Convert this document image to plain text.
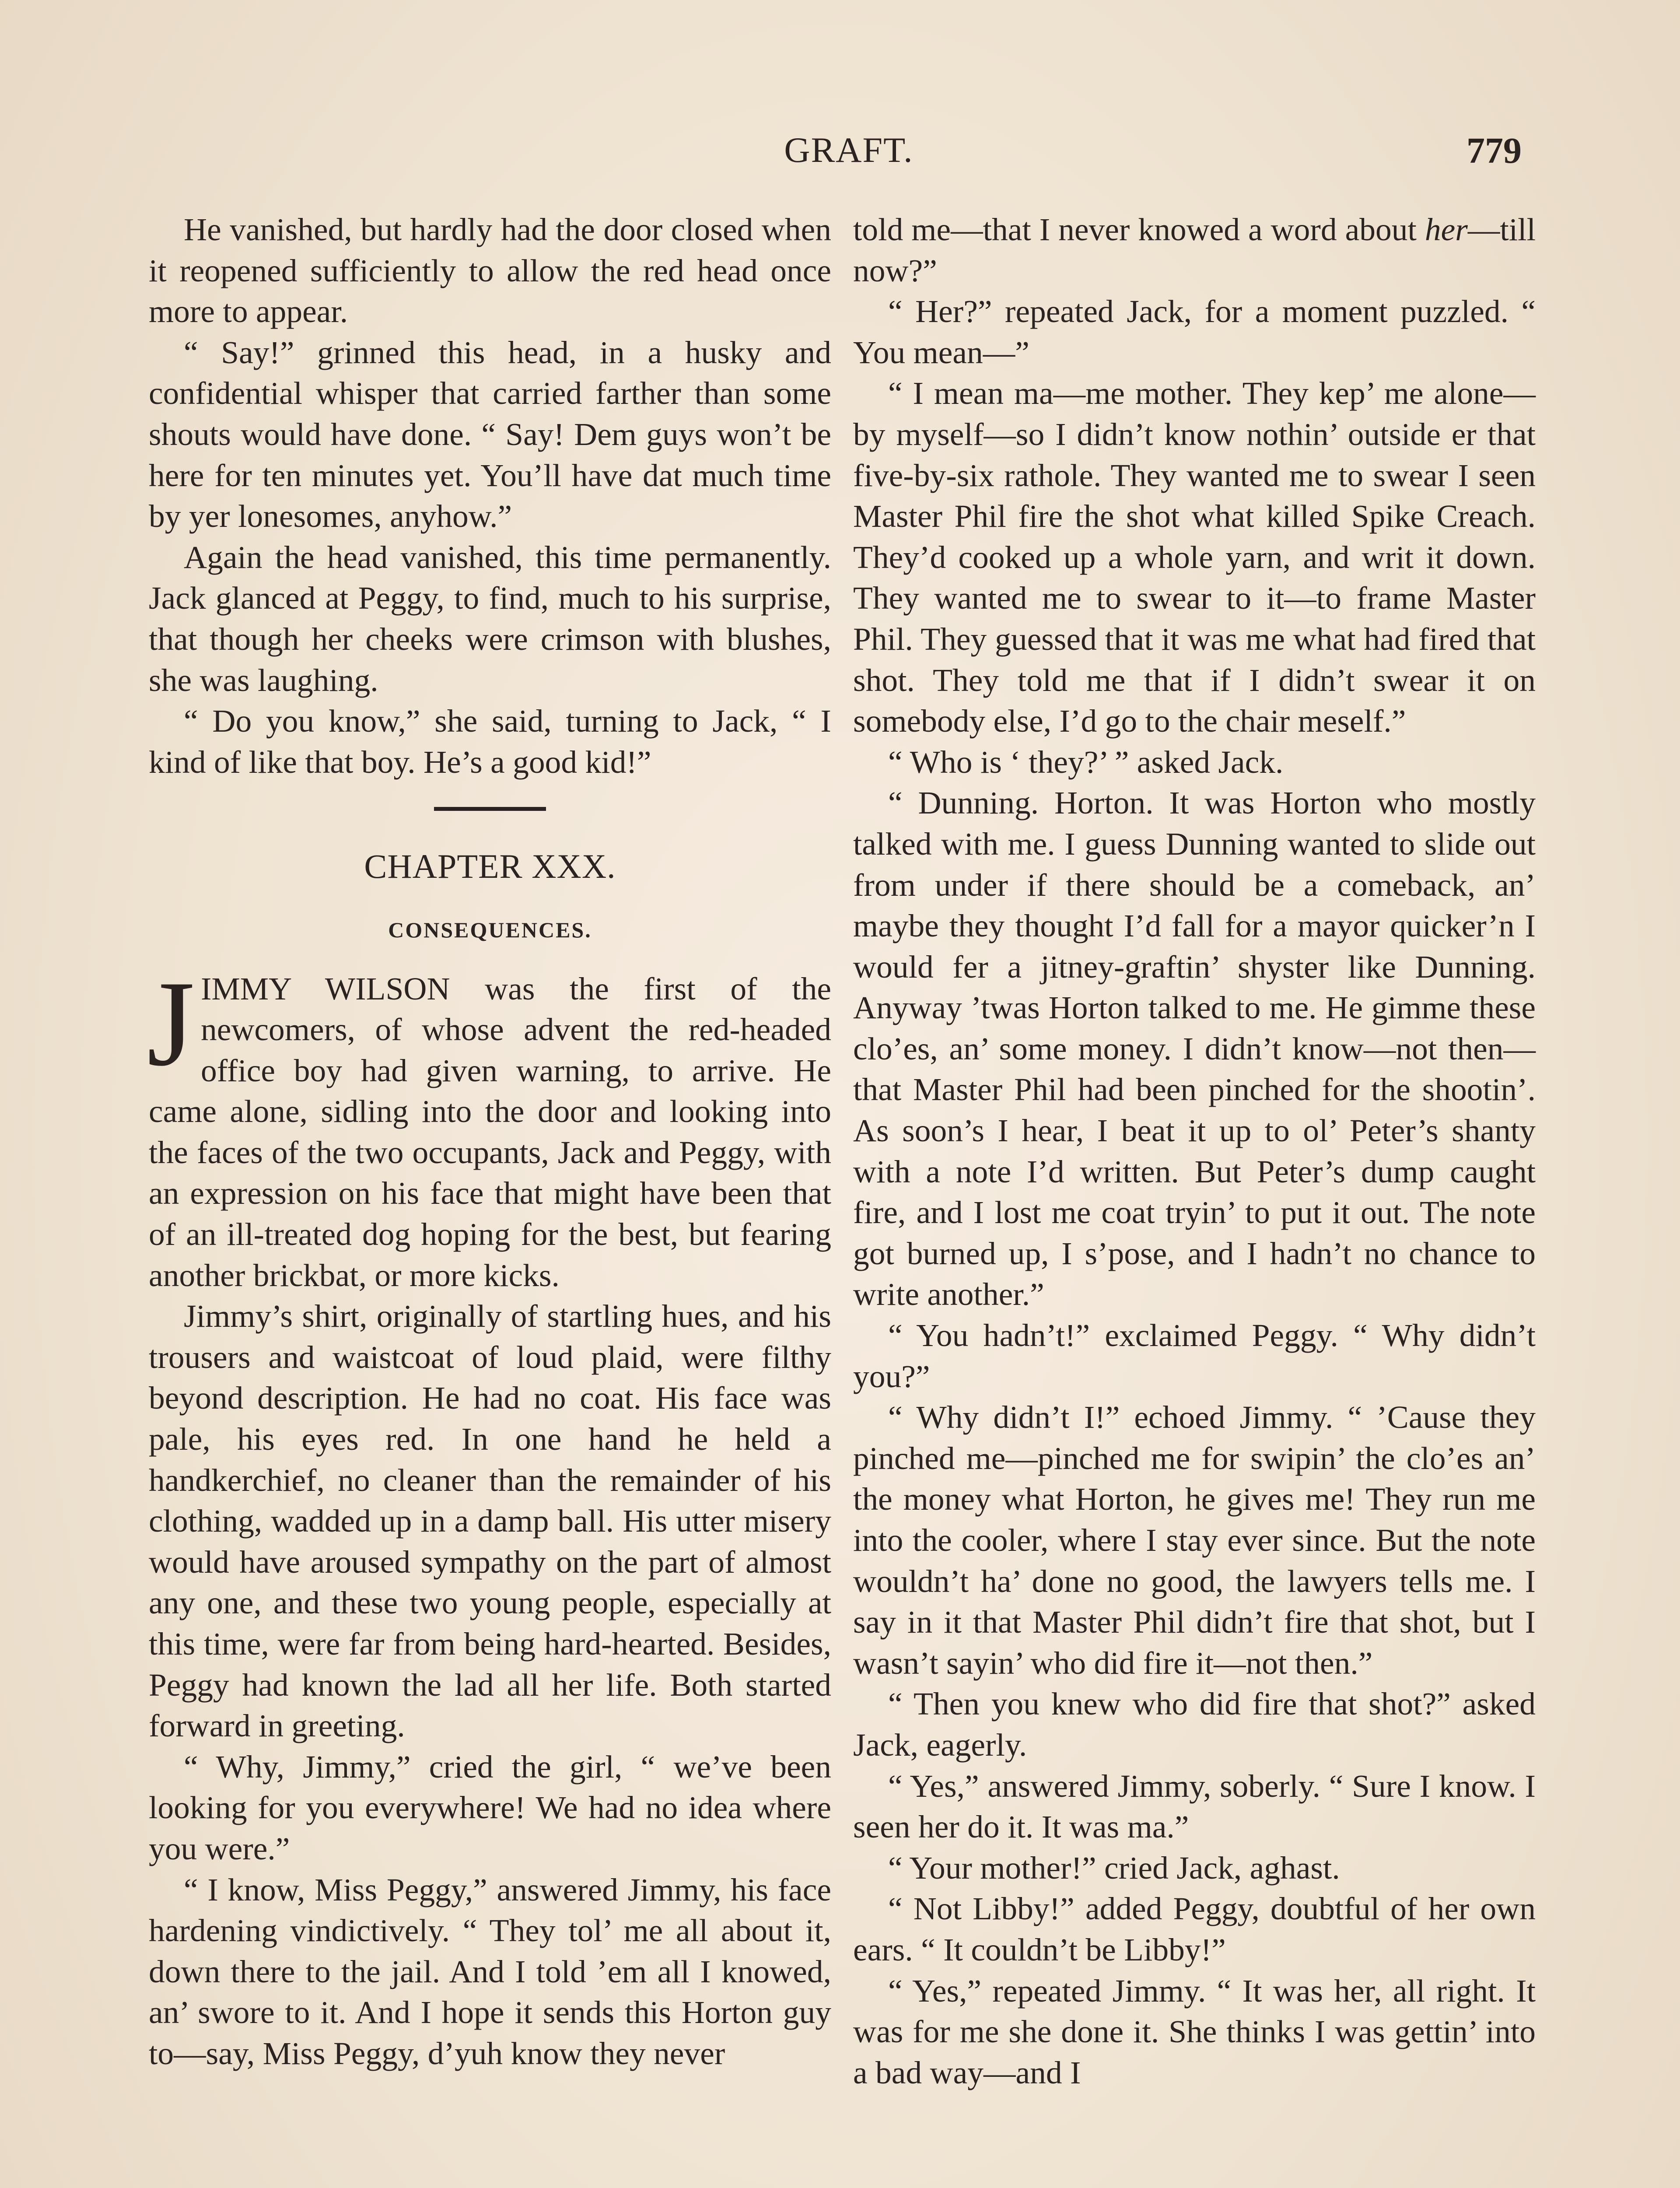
GRAFT.	779

He vanished, but hardly had the door closed when it reopened sufficiently to allow the red head once more to appear.

“ Say!” grinned this head, in a husky and confidential whisper that carried farther than some shouts would have done. “ Say! Dem guys won’t be here for ten minutes yet. You’ll have dat much time by yer lonesomes, anyhow.”

Again the head vanished, this time permanently. Jack glanced at Peggy, to find, much to his surprise, that though her cheeks were crimson with blushes, she was laughing.

“ Do you know,” she said, turning to Jack, “ I kind of like that boy. He’s a good kid!”

CHAPTER XXX.
CONSEQUENCES.

JIMMY WILSON was the first of the newcomers, of whose advent the red-headed office boy had given warning, to arrive. He came alone, sidling into the door and looking into the faces of the two occupants, Jack and Peggy, with an expression on his face that might have been that of an ill-treated dog hoping for the best, but fearing another brickbat, or more kicks.

Jimmy’s shirt, originally of startling hues, and his trousers and waistcoat of loud plaid, were filthy beyond description. He had no coat. His face was pale, his eyes red. In one hand he held a handkerchief, no cleaner than the remainder of his clothing, wadded up in a damp ball. His utter misery would have aroused sympathy on the part of almost any one, and these two young people, especially at this time, were far from being hard-hearted. Besides, Peggy had known the lad all her life. Both started forward in greeting.

“ Why, Jimmy,” cried the girl, “ we’ve been looking for you everywhere! We had no idea where you were.”

“ I know, Miss Peggy,” answered Jimmy, his face hardening vindictively. “ They tol’ me all about it, down there to the jail. And I told ’em all I knowed, an’ swore to it. And I hope it sends this Horton guy to—say, Miss Peggy, d’yuh know they never

told me—that I never knowed a word about her—till now?”

“ Her?” repeated Jack, for a moment puzzled. “ You mean—”

“ I mean ma—me mother. They kep’ me alone—by myself—so I didn’t know nothin’ outside er that five-by-six rathole. They wanted me to swear I seen Master Phil fire the shot what killed Spike Creach. They’d cooked up a whole yarn, and writ it down. They wanted me to swear to it—to frame Master Phil. They guessed that it was me what had fired that shot. They told me that if I didn’t swear it on somebody else, I’d go to the chair meself.”

“ Who is ‘ they?’ ” asked Jack.

“ Dunning. Horton. It was Horton who mostly talked with me. I guess Dunning wanted to slide out from under if there should be a comeback, an’ maybe they thought I’d fall for a mayor quicker’n I would fer a jitney-graftin’ shyster like Dunning. Anyway ’twas Horton talked to me. He gimme these clo’es, an’ some money. I didn’t know—not then—that Master Phil had been pinched for the shootin’. As soon’s I hear, I beat it up to ol’ Peter’s shanty with a note I’d written. But Peter’s dump caught fire, and I lost me coat tryin’ to put it out. The note got burned up, I s’pose, and I hadn’t no chance to write another.”

“ You hadn’t!” exclaimed Peggy. “ Why didn’t you?”

“ Why didn’t I!” echoed Jimmy. “ ’Cause they pinched me—pinched me for swipin’ the clo’es an’ the money what Horton, he gives me! They run me into the cooler, where I stay ever since. But the note wouldn’t ha’ done no good, the lawyers tells me. I say in it that Master Phil didn’t fire that shot, but I wasn’t sayin’ who did fire it—not then.”

“ Then you knew who did fire that shot?” asked Jack, eagerly.

“ Yes,” answered Jimmy, soberly. “ Sure I know. I seen her do it. It was ma.”

“ Your mother!” cried Jack, aghast.

“ Not Libby!” added Peggy, doubtful of her own ears. “ It couldn’t be Libby!”

“ Yes,” repeated Jimmy. “ It was her, all right. It was for me she done it. She thinks I was gettin’ into a bad way—and I
